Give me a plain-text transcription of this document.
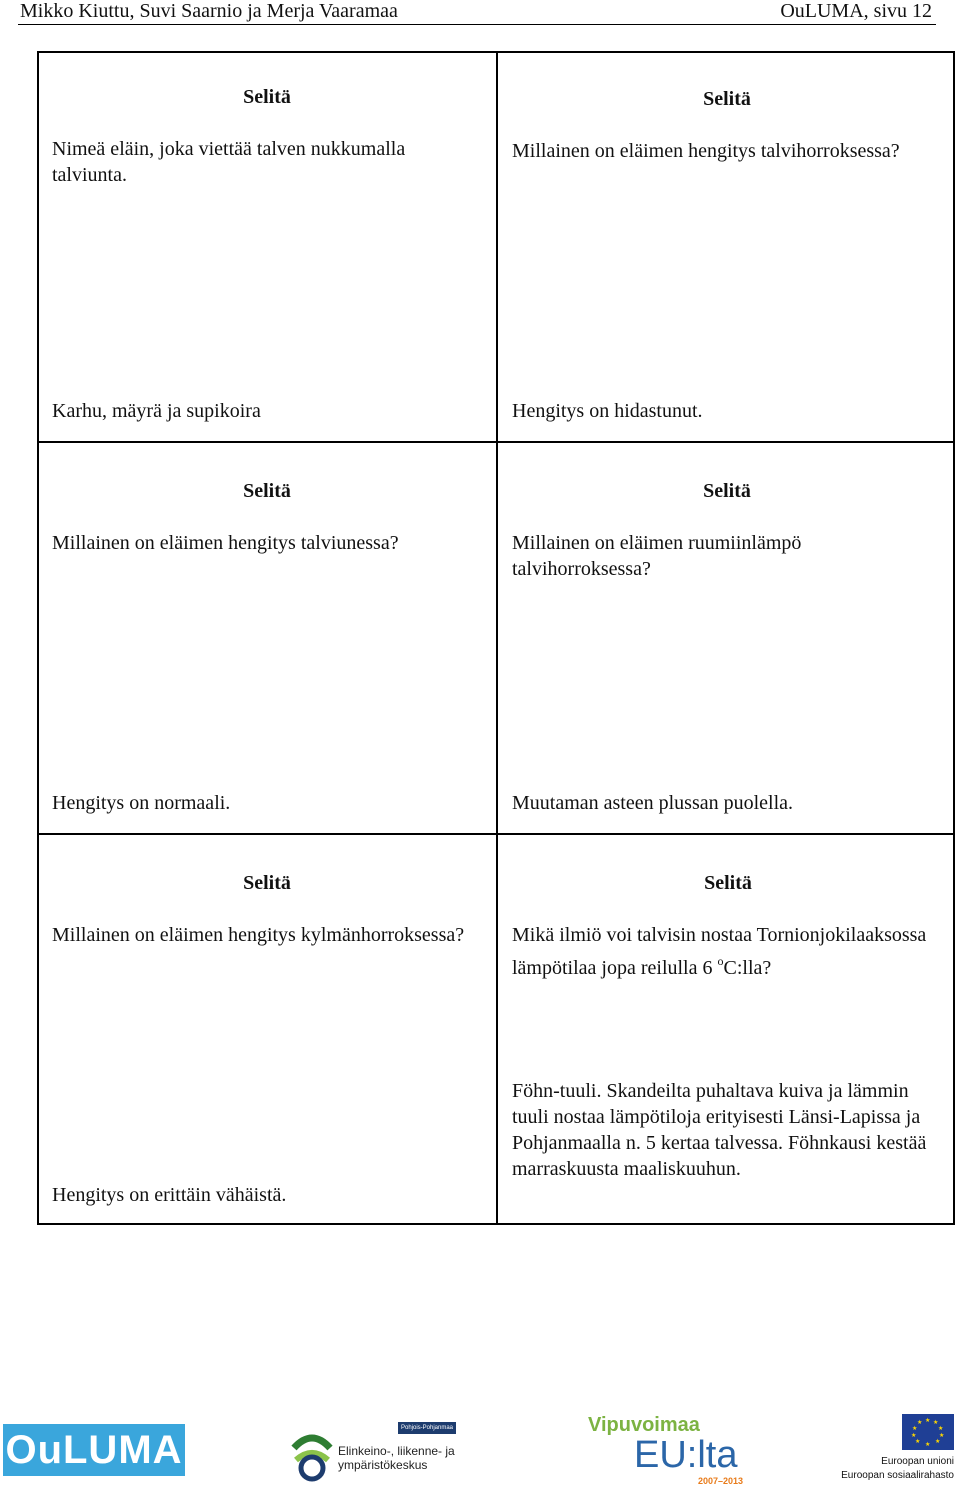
Mikko Kiuttu, Suvi Saarnio ja Merja Vaaramaa	OuLUMA, sivu 12
Selitä
Nimeä eläin, joka viettää talven nukkumalla talviunta.
Karhu, mäyrä ja supikoira
Selitä
Millainen on eläimen hengitys talvihorroksessa?
Hengitys on hidastunut.
Selitä
Millainen on eläimen hengitys talviunessa?
Hengitys on normaali.
Selitä
Millainen on eläimen ruumiinlämpö talvihorroksessa?
Muutaman asteen plussan puolella.
Selitä
Millainen on eläimen hengitys kylmänhorroksessa?
Hengitys on erittäin vähäistä.
Selitä
Mikä ilmiö voi talvisin nostaa Tornionjokilaaksossa lämpötilaa jopa reilulla 6 $^o$C:lla?
Föhn-tuuli. Skandeilta puhaltava kuiva ja lämmin tuuli nostaa lämpötiloja erityisesti Länsi-Lapissa ja Pohjanmaalla n. 5 kertaa talvessa. Föhnkausi kestää marraskuusta maaliskuuhun.
OuLUMA	Pohjois-Pohjanmaa
Elinkeino-, liikenne- ja
ympäristökeskus
Vipuvoimaa
EU:lta
2007–2013
★ ★
★
★
★
★
★
★
★
★
Euroopan unioni
Euroopan sosiaalirahasto
